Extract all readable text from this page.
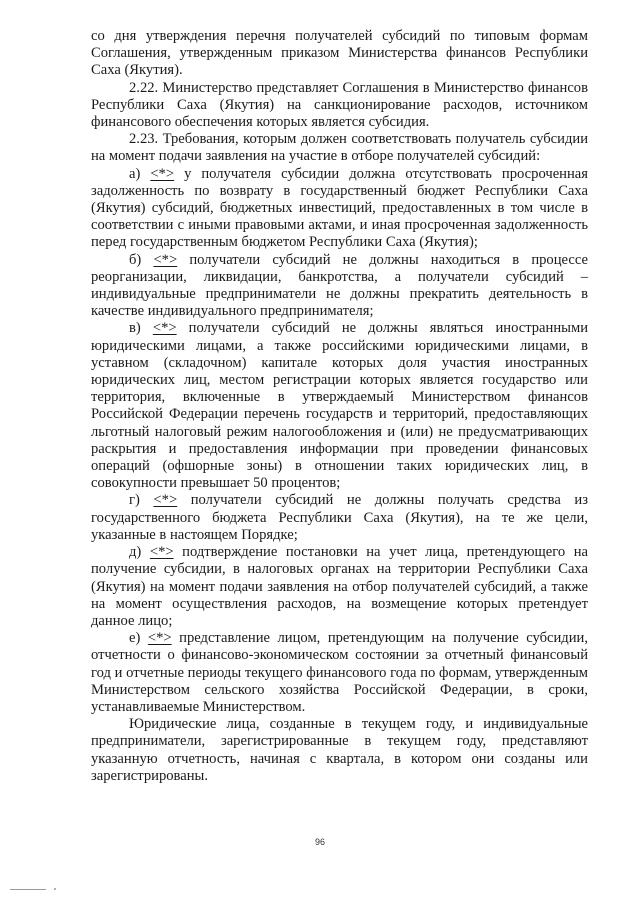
со дня утверждения перечня получателей субсидий по типовым формам Соглашения, утвержденным приказом Министерства финансов Республики Саха (Якутия).

2.22. Министерство представляет Соглашения в Министерство финансов Республики Саха (Якутия) на санкционирование расходов, источником финансового обеспечения которых является субсидия.

2.23. Требования, которым должен соответствовать получатель субсидии на момент подачи заявления на участие в отборе получателей субсидий:

а) <*> у получателя субсидии должна отсутствовать просроченная задолженность по возврату в государственный бюджет Республики Саха (Якутия) субсидий, бюджетных инвестиций, предоставленных в том числе в соответствии с иными правовыми актами, и иная просроченная задолженность перед государственным бюджетом Республики Саха (Якутия);

б) <*> получатели субсидий не должны находиться в процессе реорганизации, ликвидации, банкротства, а получатели субсидий – индивидуальные предприниматели не должны прекратить деятельность в качестве индивидуального предпринимателя;

в) <*> получатели субсидий не должны являться иностранными юридическими лицами, а также российскими юридическими лицами, в уставном (складочном) капитале которых доля участия иностранных юридических лиц, местом регистрации которых является государство или территория, включенные в утверждаемый Министерством финансов Российской Федерации перечень государств и территорий, предоставляющих льготный налоговый режим налогообложения и (или) не предусматривающих раскрытия и предоставления информации при проведении финансовых операций (офшорные зоны) в отношении таких юридических лиц, в совокупности превышает 50 процентов;

г) <*> получатели субсидий не должны получать средства из государственного бюджета Республики Саха (Якутия), на те же цели, указанные в настоящем Порядке;

д) <*> подтверждение постановки на учет лица, претендующего на получение субсидии, в налоговых органах на территории Республики Саха (Якутия) на момент подачи заявления на отбор получателей субсидий, а также на момент осуществления расходов, на возмещение которых претендует данное лицо;

е) <*> представление лицом, претендующим на получение субсидии, отчетности о финансово-экономическом состоянии за отчетный финансовый год и отчетные периоды текущего финансового года по формам, утвержденным Министерством сельского хозяйства Российской Федерации, в сроки, устанавливаемые Министерством.

Юридические лица, созданные в текущем году, и индивидуальные предприниматели, зарегистрированные в текущем году, представляют указанную отчетность, начиная с квартала, в котором они созданы или зарегистрированы.

96
